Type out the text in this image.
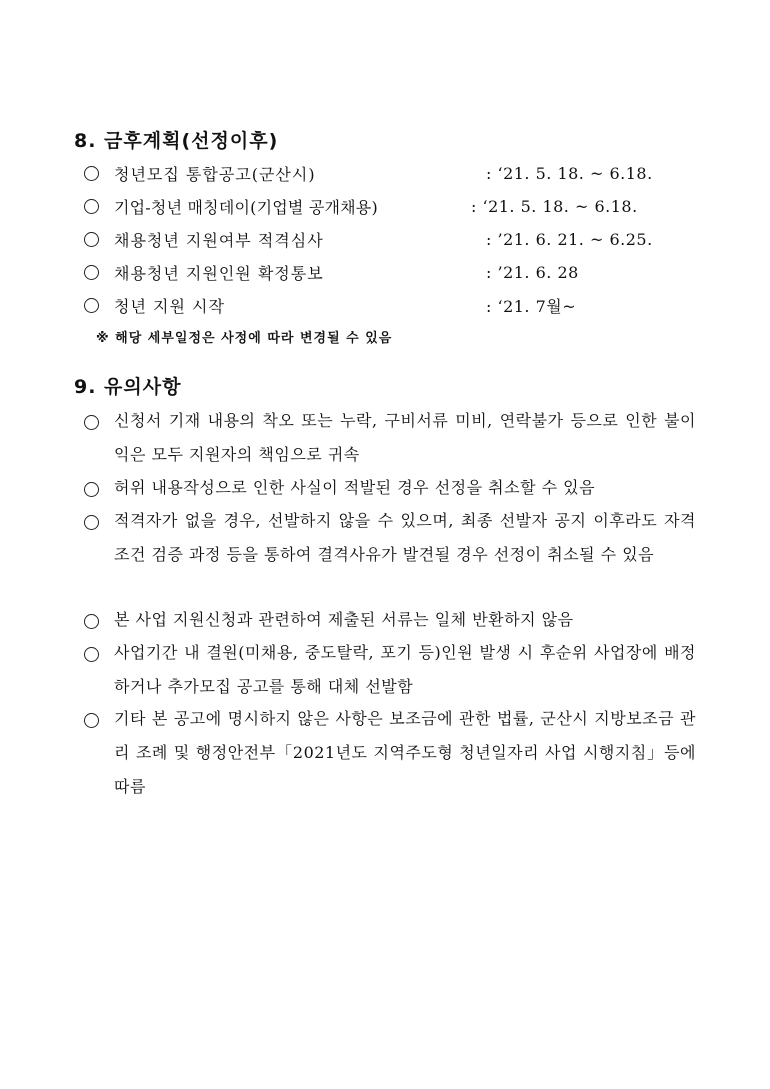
8. 금후계획(선정이후)
청년모집 통합공고(군산시)	: ‘21. 5. 18. ~ 6.18.
기업-청년 매칭데이(기업별 공개채용)	: ‘21. 5. 18. ~ 6.18.
채용청년 지원여부 적격심사	: ’21. 6. 21. ~ 6.25.
채용청년 지원인원 확정통보	: ’21. 6. 28
청년 지원 시작	: ‘21. 7월~
※ 해당 세부일정은 사정에 따라 변경될 수 있음
9. 유의사항
신청서 기재 내용의 착오 또는 누락, 구비서류 미비, 연락불가 등으로 인한 불이익은 모두 지원자의 책임으로 귀속
허위 내용작성으로 인한 사실이 적발된 경우 선정을 취소할 수 있음
적격자가 없을 경우, 선발하지 않을 수 있으며, 최종 선발자 공지 이후라도 자격조건 검증 과정 등을 통하여 결격사유가 발견될 경우 선정이 취소될 수 있음
본 사업 지원신청과 관련하여 제출된 서류는 일체 반환하지 않음
사업기간 내 결원(미채용, 중도탈락, 포기 등)인원 발생 시 후순위 사업장에 배정하거나 추가모집 공고를 통해 대체 선발함
기타 본 공고에 명시하지 않은 사항은 보조금에 관한 법률, 군산시 지방보조금 관리 조례 및 행정안전부「2021년도 지역주도형 청년일자리 사업 시행지침」등에 따름
